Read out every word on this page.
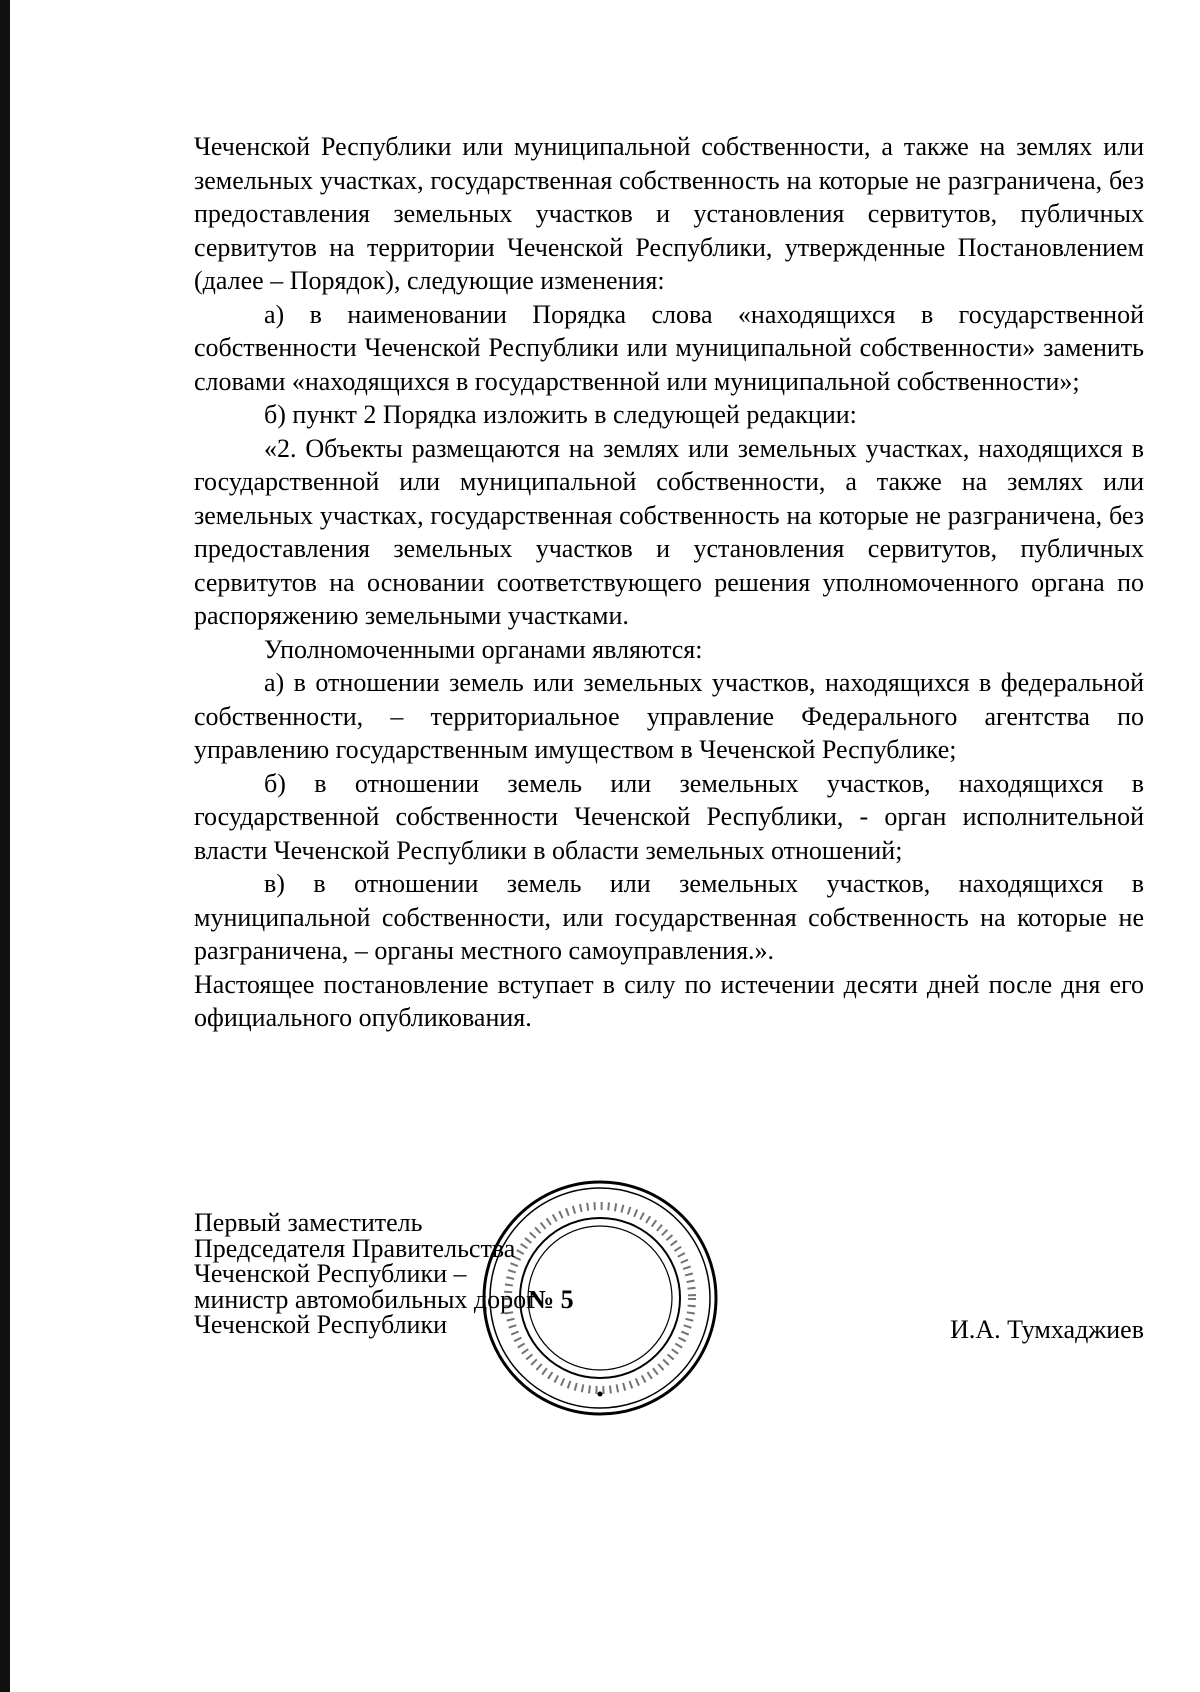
Чеченской Республики или муниципальной собственности, а также на землях или земельных участках, государственная собственность на которые не разграничена, без предоставления земельных участков и установления сервитутов, публичных сервитутов на территории Чеченской Республики, утвержденные Постановлением (далее – Порядок), следующие изменения:

а) в наименовании Порядка слова «находящихся в государственной собственности Чеченской Республики или муниципальной собственности» заменить словами «находящихся в государственной или муниципальной собственности»;

б) пункт 2 Порядка изложить в следующей редакции:

«2. Объекты размещаются на землях или земельных участках, находящихся в государственной или муниципальной собственности, а также на землях или земельных участках, государственная собственность на которые не разграничена, без предоставления земельных участков и установления сервитутов, публичных сервитутов на основании соответствующего решения уполномоченного органа по распоряжению земельными участками.

Уполномоченными органами являются:

а) в отношении земель или земельных участков, находящихся в федеральной собственности, – территориальное управление Федерального агентства по управлению государственным имуществом в Чеченской Республике;

б) в отношении земель или земельных участков, находящихся в государственной собственности Чеченской Республики, - орган исполнительной власти Чеченской Республики в области земельных отношений;

в) в отношении земель или земельных участков, находящихся в муниципальной собственности, или государственная собственность на которые не разграничена, – органы местного самоуправления.».

Настоящее постановление вступает в силу по истечении десяти дней после дня его официального опубликования.

Первый заместитель
Председателя Правительства
Чеченской Республики –
министр автомобильных дорог
Чеченской Республики	И.А. Тумхаджиев
№ 5
